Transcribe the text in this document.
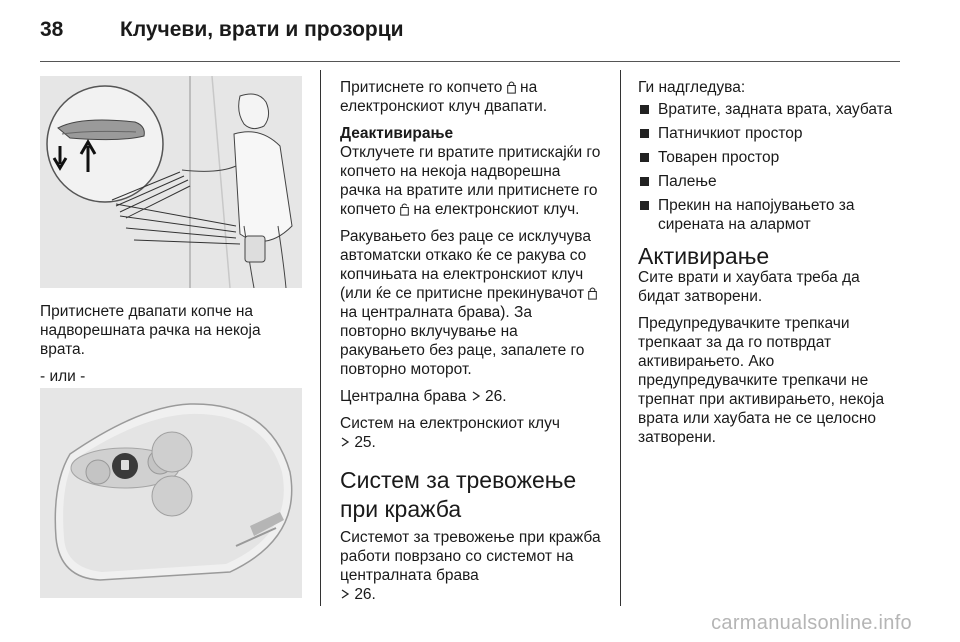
38	Клучеви, врати и прозорци

Притиснете двапати копче на надворешната рачка на некоја врата.

- или -

Притиснете го копчето на електронскиот клуч двапати.

Деактивирање

Отклучете ги вратите притискајќи го копчето на некоја надворешна рачка на вратите или притиснете го копчето на електронскиот клуч.

Ракувањето без раце се исклучува автоматски откако ќе се ракува со копчињата на електронскиот клуч (или ќе се притисне прекинувачот  на централната брава). За повторно вклучување на ракувањето без раце, запалете го повторно моторот.

Централна брава 26.

Систем на електронскиот клуч
25.

Систем за тревожење при кражба

Системот за тревожење при кражба работи поврзано со системот на централната брава
26.

Ги надгледува:

Вратите, задната врата, хаубата
Патничкиот простор
Товарен простор
Палење
Прекин на напојувањето за сирената на алармот
Активирање

Сите врати и хаубата треба да бидат затворени.

Предупредувачките трепкачи трепкаат за да го потврдат активирањето. Ако предупредувачките трепкачи не трепнат при активирањето, некоја врата или хаубата не се целосно затворени.

carmanualsonline.info
